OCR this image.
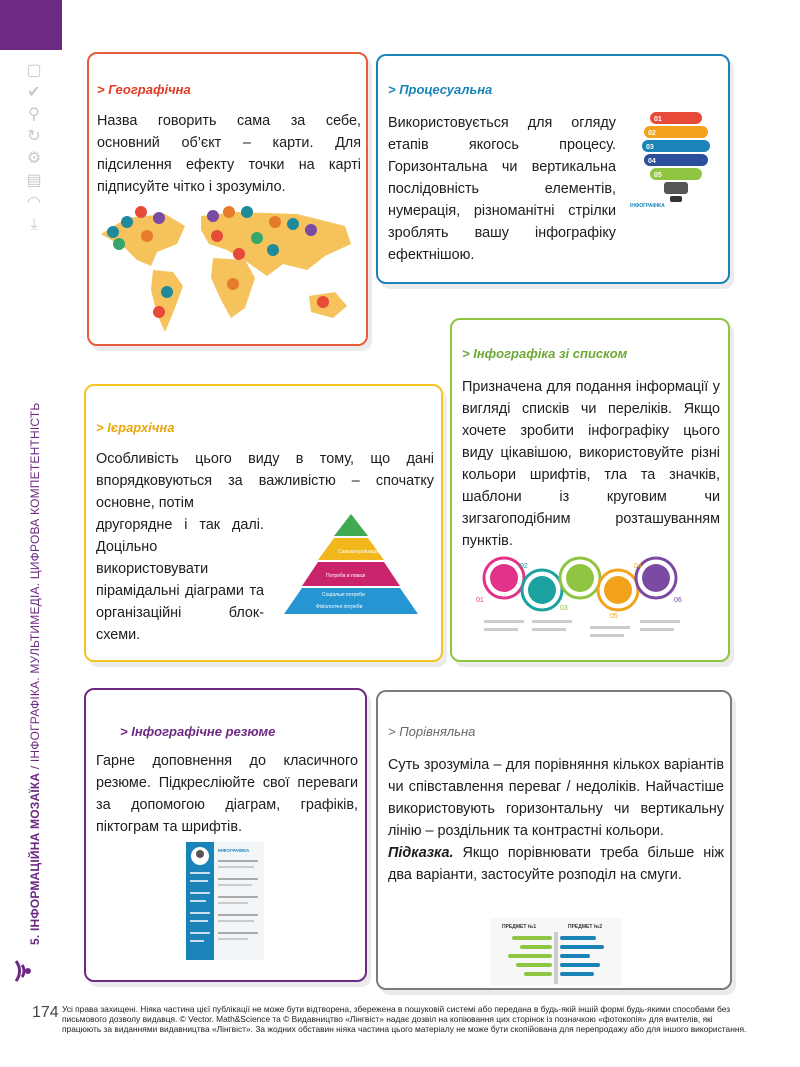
▢
✔
⚲
↻
⚙
▤
◠
⤓
5. ІНФОРМАЦІЙНА МОЗАЇКА / ІНФОГРАФІКА. МУЛЬТИМЕДІА. ЦИФРОВА КОМПЕТЕНТНІСТЬ
> Географічна
Назва говорить сама за себе, основний об’єкт – карти. Для підсилення ефекту точки на карті підписуйте чітко і зрозуміло.
> Процесуальна
Використовується для огляду етапів якогось процесу. Горизонтальна чи вертикальна послідовність елементів, нумерація, різноманітні стрілки зроблять вашу інфографіку ефектнішою.
01
02
03
04
05
ІНФОГРАФІКА
> Інфографіка зі списком
Призначена для подання інформації у вигляді списків чи переліків. Якщо хочете зробити інфографіку цього виду цікавішою, використовуйте різні кольори шрифтів, тла та значків, шаблони із круговим чи зигзагоподібним розташуванням пунктів.
01
02
03
04
05
06
> Ієрархічна
Особливість цього виду в тому, що дані впорядковуються за важливістю – спочатку основне, потім
другорядне і так далі. Доцільно використовувати пірамідальні діаграми та організаційні блок-схеми.
Самоактуалізація
Потреба в повазі
Соціальні потреби
Фізіологічні потреби
> Інфографічне резюме
Гарне доповнення до класичного резюме. Підкресліюйте свої переваги за допомогою діаграм, графіків, піктограм та шрифтів.
ІНФОГРАФІКА
> Порівняльна
Суть зрозуміла – для порівняння кількох варіантів чи співставлення переваг / недоліків. Найчастіше використовують горизонтальну чи вертикальну лінію – роздільник та контрастні кольори.
Підказка. Якщо порівнювати треба більше ніж два варіанти, застосуйте розподіл на смуги.
ПРЕДМЕТ №1	ПРЕДМЕТ №2
174 Усі права захищені. Ніяка частина цієї публікації не може бути відтворена, збережена в пошуковій системі або передана в будь-якій іншій формі будь-якими способами без письмового дозволу видавця. © Vector. Math&Science та © Видавництво «Лінгвіст» надає дозвіл на копіювання цих сторінок із позначкою «фотокопія» для вчителів, які працюють за виданнями видавництва «Лінгвіст». За жодних обставин ніяка частина цього матеріалу не може бути скопійована для перепродажу або для іншого використання.
